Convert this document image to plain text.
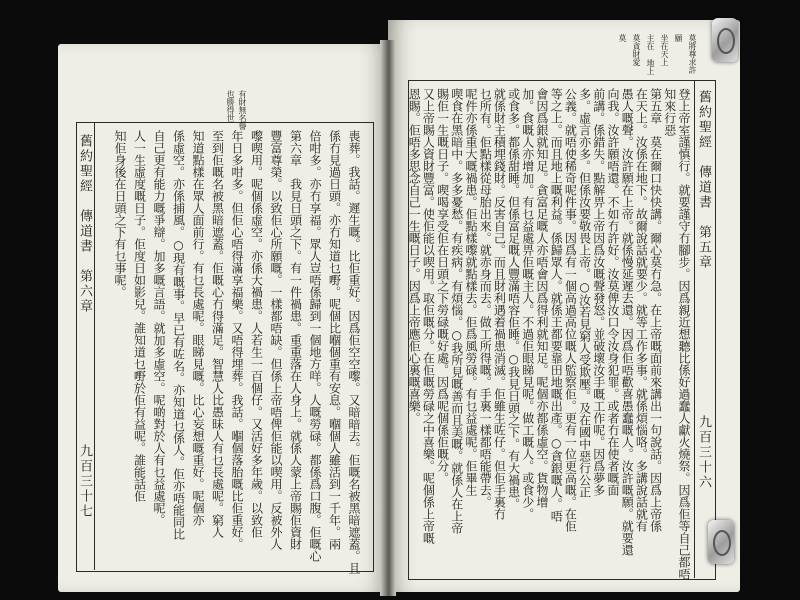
舊約聖經　傳道書　第五章
九百三十六
莫將尊求許
願
坐在天上
主在 地上
莫貪財愛
莫
登上帝室謹慎行。就要謹守冇腳步。因爲親近想聽比係好過蠢人獻火燒祭。因爲佢等自己都唔
知來行惡
第五章　莫在爾口快快講。爾心莫冇急。在上帝嘅面前來講出一句說話。因爲上帝係
在天上。汝係在地下。故爾說話就要少。就等工作多事。就係煩惱咯。多講說話就有
愚人嘅聲。汝許願在上帝。就係慢延遲去還。因爲佢唔歡喜愚蠢嘅人。汝許嘅願。就要還
向我。汝許願唔還。不如冇許好。汝莫俾汝口令汝身犯罪。或者冇在使者嘅面
前講。係錯失。點解畀上帝因爲汝嘅聲發怒。並破壞汝手嘅工作呢。因爲夢多
多。虛言亦多。但係汝要敬畏上帝。○汝若見窮人受欺壓。及在國中惡行公正
公義。就唔使稀奇呢件事。因爲有一個高過高位嘅人監察佢。更有一位更高嘅。在佢
等之上。而且地上嘅利益。係歸眾人。就係王都要靠田地嘅出產。○貪銀嘅人。唔
會因爲銀就知足。貪富足嘅人亦唔會因爲得利就知足。呢個亦都係虛空。貨物增
加。食嘅人亦增加。有乜益處畀佢嘅主人。不過佢眼睇見呢。做工嘅人。或食少。
或食多。都係甜睡。但係富足嘅人豐滿唔容佢睡。○我見日頭之下。有大禍患。
就係財主積埋錢財。反害自己。而且財利遇着禍患消滅。佢雖生咗仔。但佢手裏冇
乜所有。佢點樣從母胎出來。就赤身而去。做工所得嘅。手裏一樣都唔能帶去。
呢件亦係重大嘅禍患。佢點樣嚟就點樣去。佢爲風勞碌。有乜益處呢。佢畢生
喫食在黑暗中。多多憂愁。有疾病。有煩惱。○我所見嘅善而且美嘅。就係人在上帝
賜佢一生嘅日子。喫喝享受佢在日頭之下勞碌嘅好處。因爲呢個係佢嘅分。
又上帝賜人資財豐富。使佢能以喫用。取佢嘅分。在佢嘅勞碌之中喜樂。呢個係上帝嘅
恩賜。佢唔多思念自己一生嘅日子。因爲上帝應佢心裏嘅喜樂。
舊約聖經　傳道書　第六章
九百三十七
有財無名譽
也勝得世
喪葬。我話。遲生嘅。比佢重好。因爲佢空空嚟。又暗暗去。佢嘅名被黑暗遮蓋。且
係冇見過日頭。亦冇知道乜嘢。呢個比嗰個重有安息。嗰個人雖活到一千年。兩
倍咁多。亦冇享福。眾人豈唔係歸到一個地方咩。人嘅勞碌。都係爲口腹。佢嘅心
第六章　我見日頭之下。有一件禍患。重重落在人身上。就係人蒙上帝賜佢資財
豐富尊榮。以致佢心所願嘅。一樣都唔缺。但係上帝唔俾佢能以喫用。反被外人
嚟喫用。呢個係虛空。亦係大禍患。人若生一百個仔。又活好多年歲。以致佢
年日多咁多。但佢心唔得滿享福樂。又唔得埋葬。我話。嗰個落胎嘅比佢重好。
至到佢嘅名被黑暗遮蓋。佢嘅心冇得滿足。智慧人比愚昧人有乜長處呢。窮人
知道點樣在眾人面前行。有乜長處呢。眼睇見嘅。比心妄想嘅重好。呢個亦
係虛空。亦係捕風。○現有嘅事。早已有咗名。亦知道乜係人。佢亦唔能同比
自己更有能力嘅爭辯。加多嘅言語。就加多虛空。呢啲對於人有乜益處呢。
人一生虛度嘅日子。佢度日如影兒。誰知道乜嘢於佢有益呢。誰能話佢
知佢身後在日頭之下有乜事呢。
